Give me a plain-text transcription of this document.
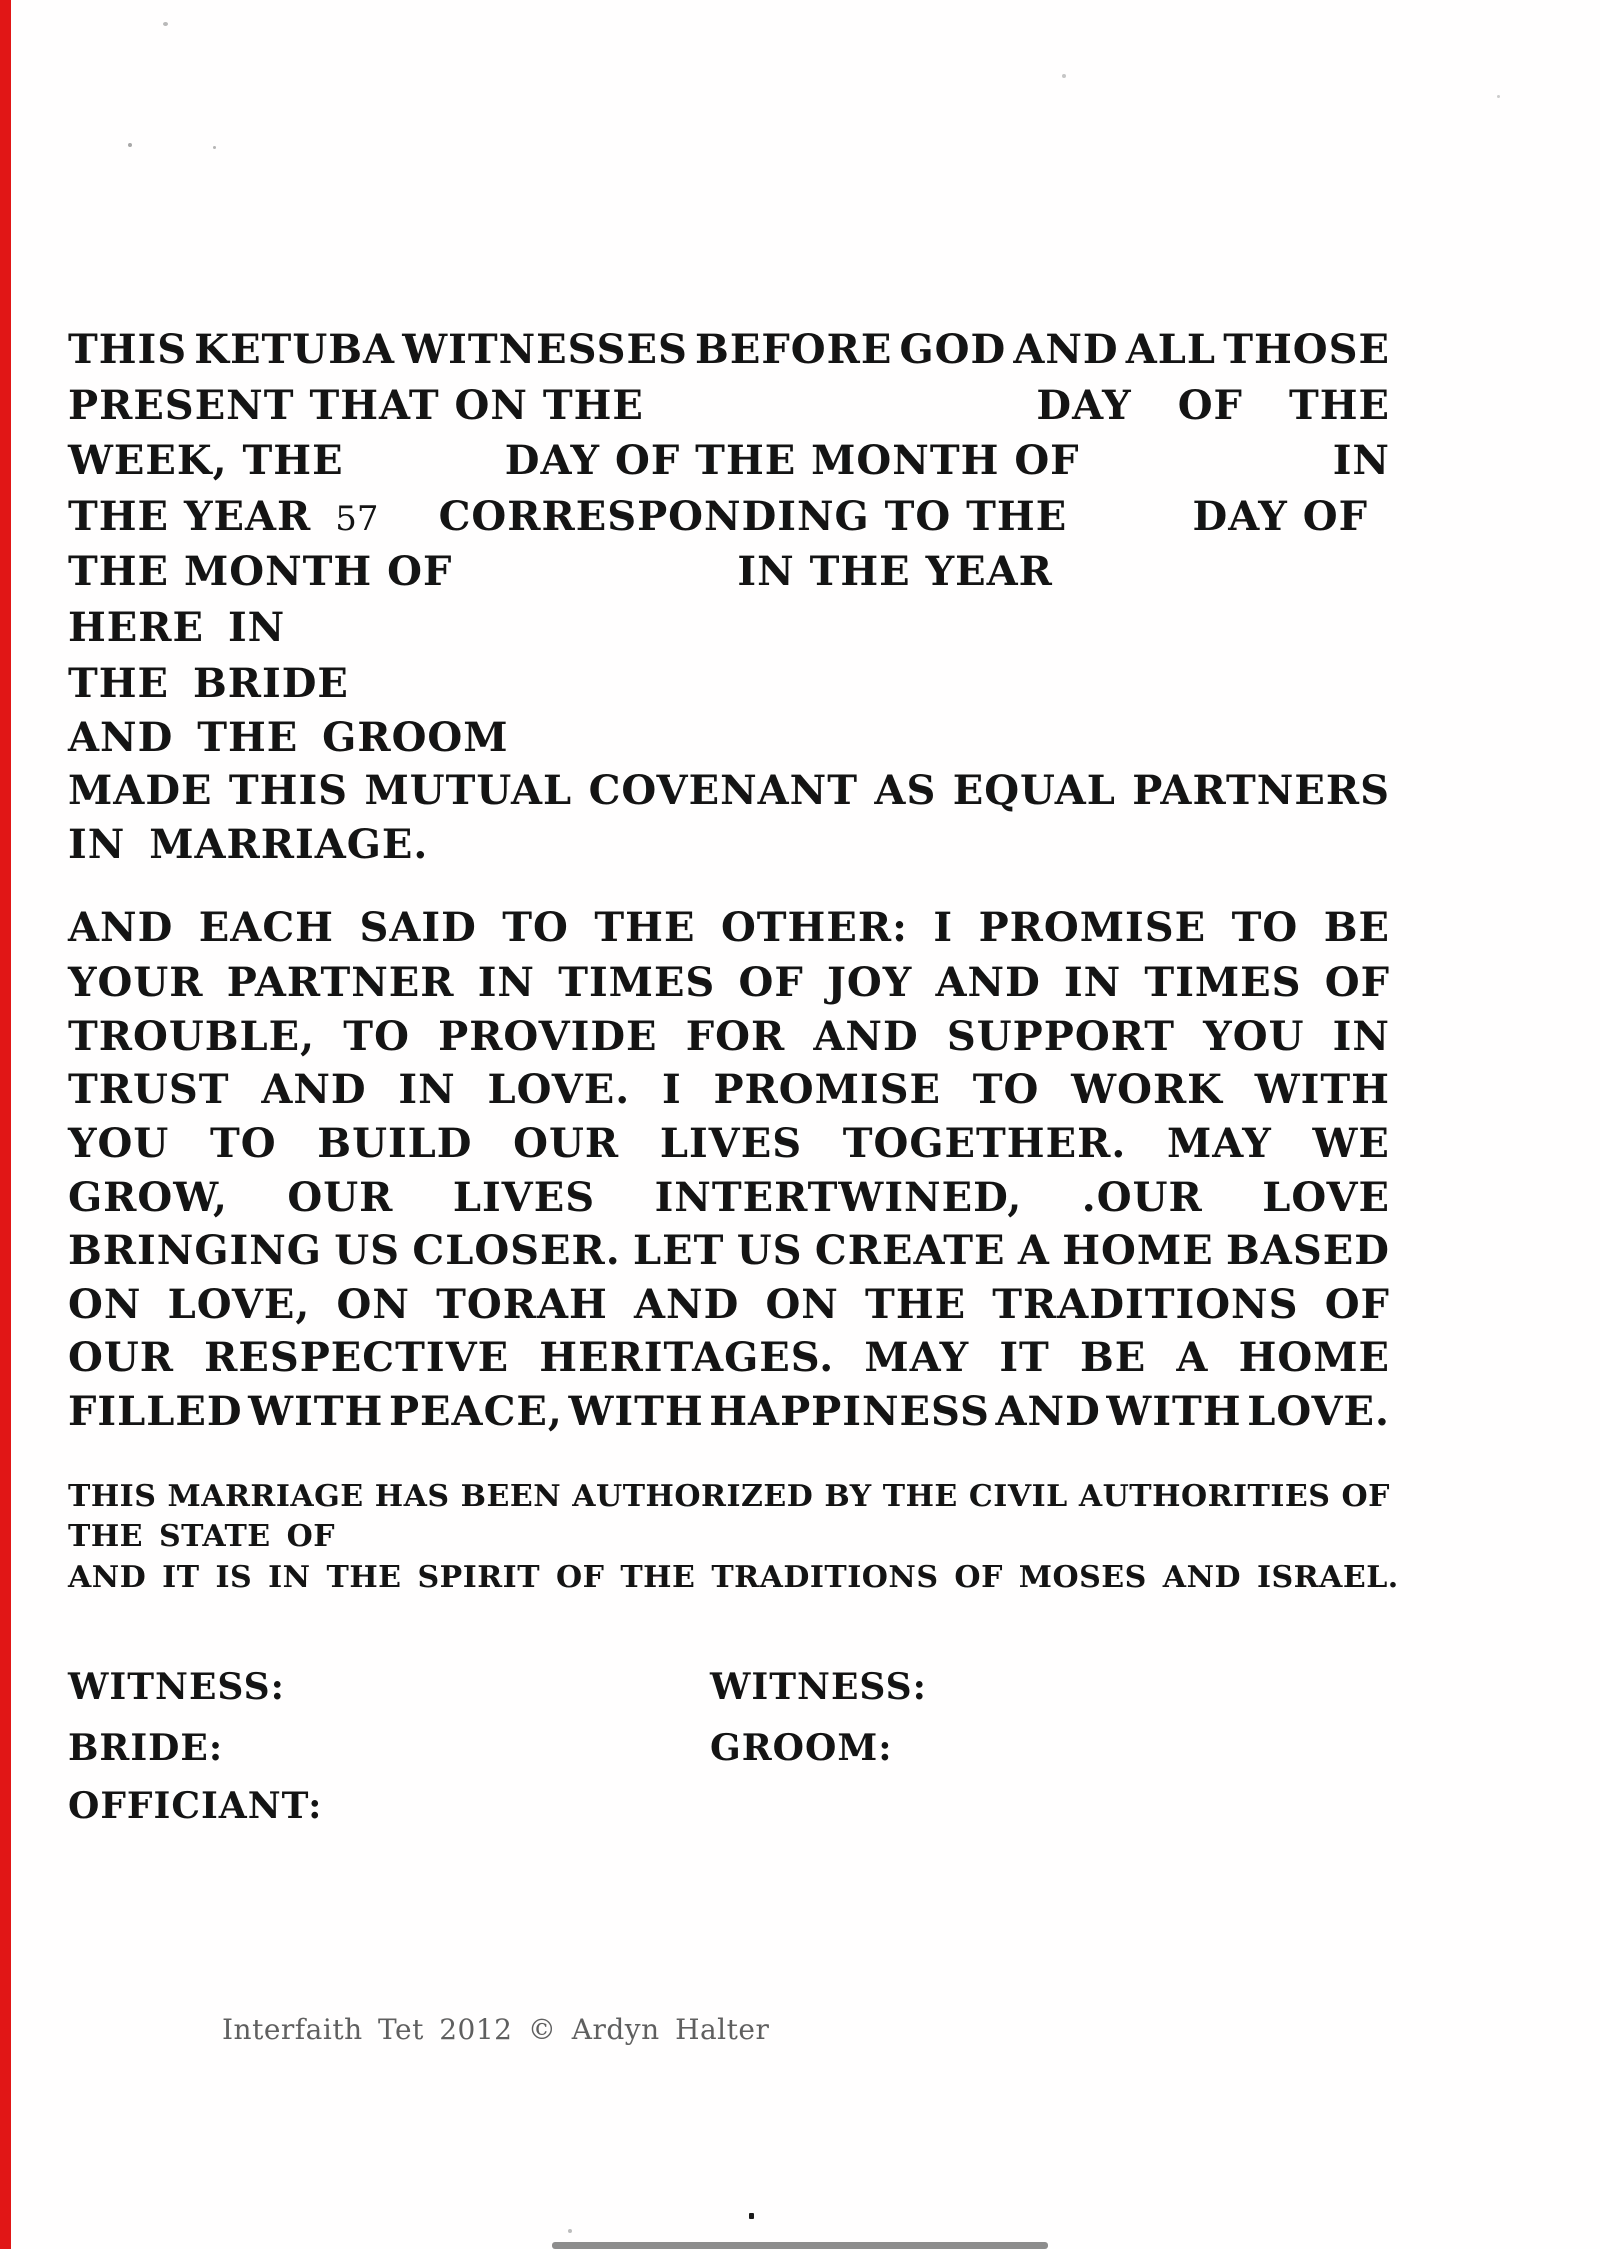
THIS KETUBA WITNESSES BEFORE GOD AND ALL THOSE
PRESENT THAT ON THE	DAY OF THE
WEEK, THE	DAY OF THE MONTH OF	IN
THE YEAR 57 CORRESPONDING TO THE	DAY OF
THE MONTH OF	IN THE YEAR
HERE IN
THE BRIDE
AND THE GROOM
MADE THIS MUTUAL COVENANT AS EQUAL PARTNERS
IN MARRIAGE.
AND EACH SAID TO THE OTHER: I PROMISE TO BE
YOUR PARTNER IN TIMES OF JOY AND IN TIMES OF
TROUBLE, TO PROVIDE FOR AND SUPPORT YOU IN
TRUST AND IN LOVE. I PROMISE TO WORK WITH
YOU TO BUILD OUR LIVES TOGETHER. MAY WE
GROW, OUR LIVES INTERTWINED, .OUR LOVE
BRINGING US CLOSER. LET US CREATE A HOME BASED
ON LOVE, ON TORAH AND ON THE TRADITIONS OF
OUR RESPECTIVE HERITAGES. MAY IT BE A HOME
FILLED WITH PEACE, WITH HAPPINESS AND WITH LOVE.
THIS MARRIAGE HAS BEEN AUTHORIZED BY THE CIVIL AUTHORITIES OF
THE STATE OF
AND IT IS IN THE SPIRIT OF THE TRADITIONS OF MOSES AND ISRAEL.
WITNESS:	WITNESS:
BRIDE:	GROOM:
OFFICIANT:
Interfaith Tet 2012 © Ardyn Halter
